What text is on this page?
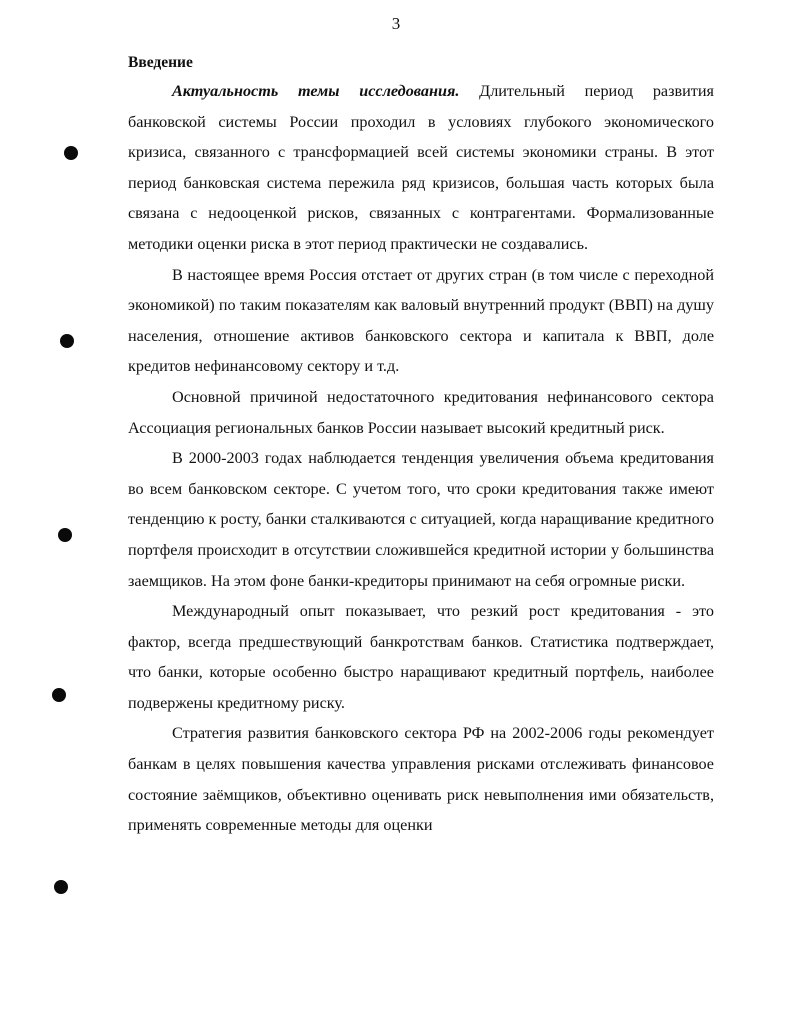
3

Введение

Актуальность темы исследования. Длительный период развития банковской системы России проходил в условиях глубокого экономического кризиса, связанного с трансформацией всей системы экономики страны. В этот период банковская система пережила ряд кризисов, большая часть которых была связана с недооценкой рисков, связанных с контрагентами. Формализованные методики оценки риска в этот период практически не создавались.

В настоящее время Россия отстает от других стран (в том числе с переходной экономикой) по таким показателям как валовый внутренний продукт (ВВП) на душу населения, отношение активов банковского сектора и капитала к ВВП, доле кредитов нефинансовому сектору и т.д.

Основной причиной недостаточного кредитования нефинансового сектора Ассоциация региональных банков России называет высокий кредитный риск.

В 2000-2003 годах наблюдается тенденция увеличения объема кредитования во всем банковском секторе. С учетом того, что сроки кредитования также имеют тенденцию к росту, банки сталкиваются с ситуацией, когда наращивание кредитного портфеля происходит в отсутствии сложившейся кредитной истории у большинства заемщиков. На этом фоне банки-кредиторы принимают на себя огромные риски.

Международный опыт показывает, что резкий рост кредитования - это фактор, всегда предшествующий банкротствам банков. Статистика подтверждает, что банки, которые особенно быстро наращивают кредитный портфель, наиболее подвержены кредитному риску.

Стратегия развития банковского сектора РФ на 2002-2006 годы рекомендует банкам в целях повышения качества управления рисками отслеживать финансовое состояние заёмщиков, объективно оценивать риск невыполнения ими обязательств, применять современные методы для оценки
